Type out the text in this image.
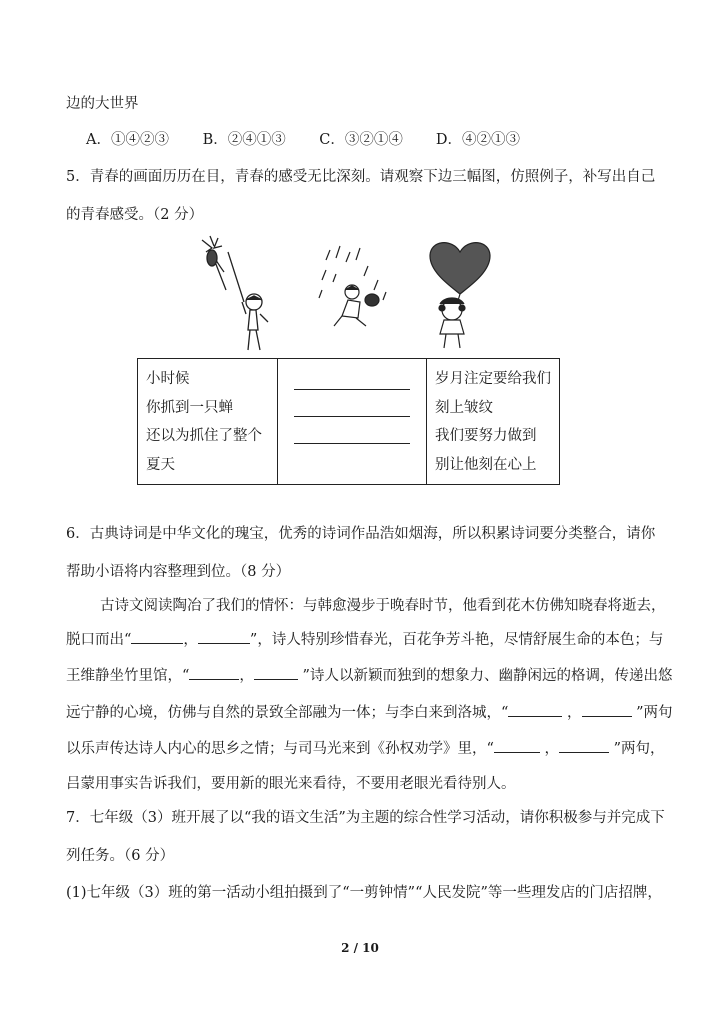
边的大世界
A．①④②③ B．②④①③ C．③②①④ D．④②①③
5．青春的画面历历在目，青春的感受无比深刻。请观察下边三幅图，仿照例子，补写出自己
的青春感受。（2 分）
小时候
你抓到一只蝉
还以为抓住了整个
夏天

岁月注定要给我们
刻上皱纹
我们要努力做到
别让他刻在心上
6．古典诗词是中华文化的瑰宝，优秀的诗词作品浩如烟海，所以积累诗词要分类整合，请你
帮助小语将内容整理到位。（8 分）
古诗文阅读陶冶了我们的情怀：与韩愈漫步于晚春时节，他看到花木仿佛知晓春将逝去，
脱口而出“	，	”，诗人特别珍惜春光，百花争芳斗艳，尽情舒展生命的本色；与
王维静坐竹里馆，“	，	”诗人以新颖而独到的想象力、幽静闲远的格调，传递出悠
远宁静的心境，仿佛与自然的景致全部融为一体；与李白来到洛城，“	，	”两句
以乐声传达诗人内心的思乡之情；与司马光来到《孙权劝学》里，“	，	”两句，
吕蒙用事实告诉我们，要用新的眼光来看待，不要用老眼光看待别人。
7．七年级（3）班开展了以“我的语文生活”为主题的综合性学习活动，请你积极参与并完成下
列任务。（6 分）
(1)七年级（3）班的第一活动小组拍摄到了“一剪钟情”“人民发院”等一些理发店的门店招牌，
2 / 10
